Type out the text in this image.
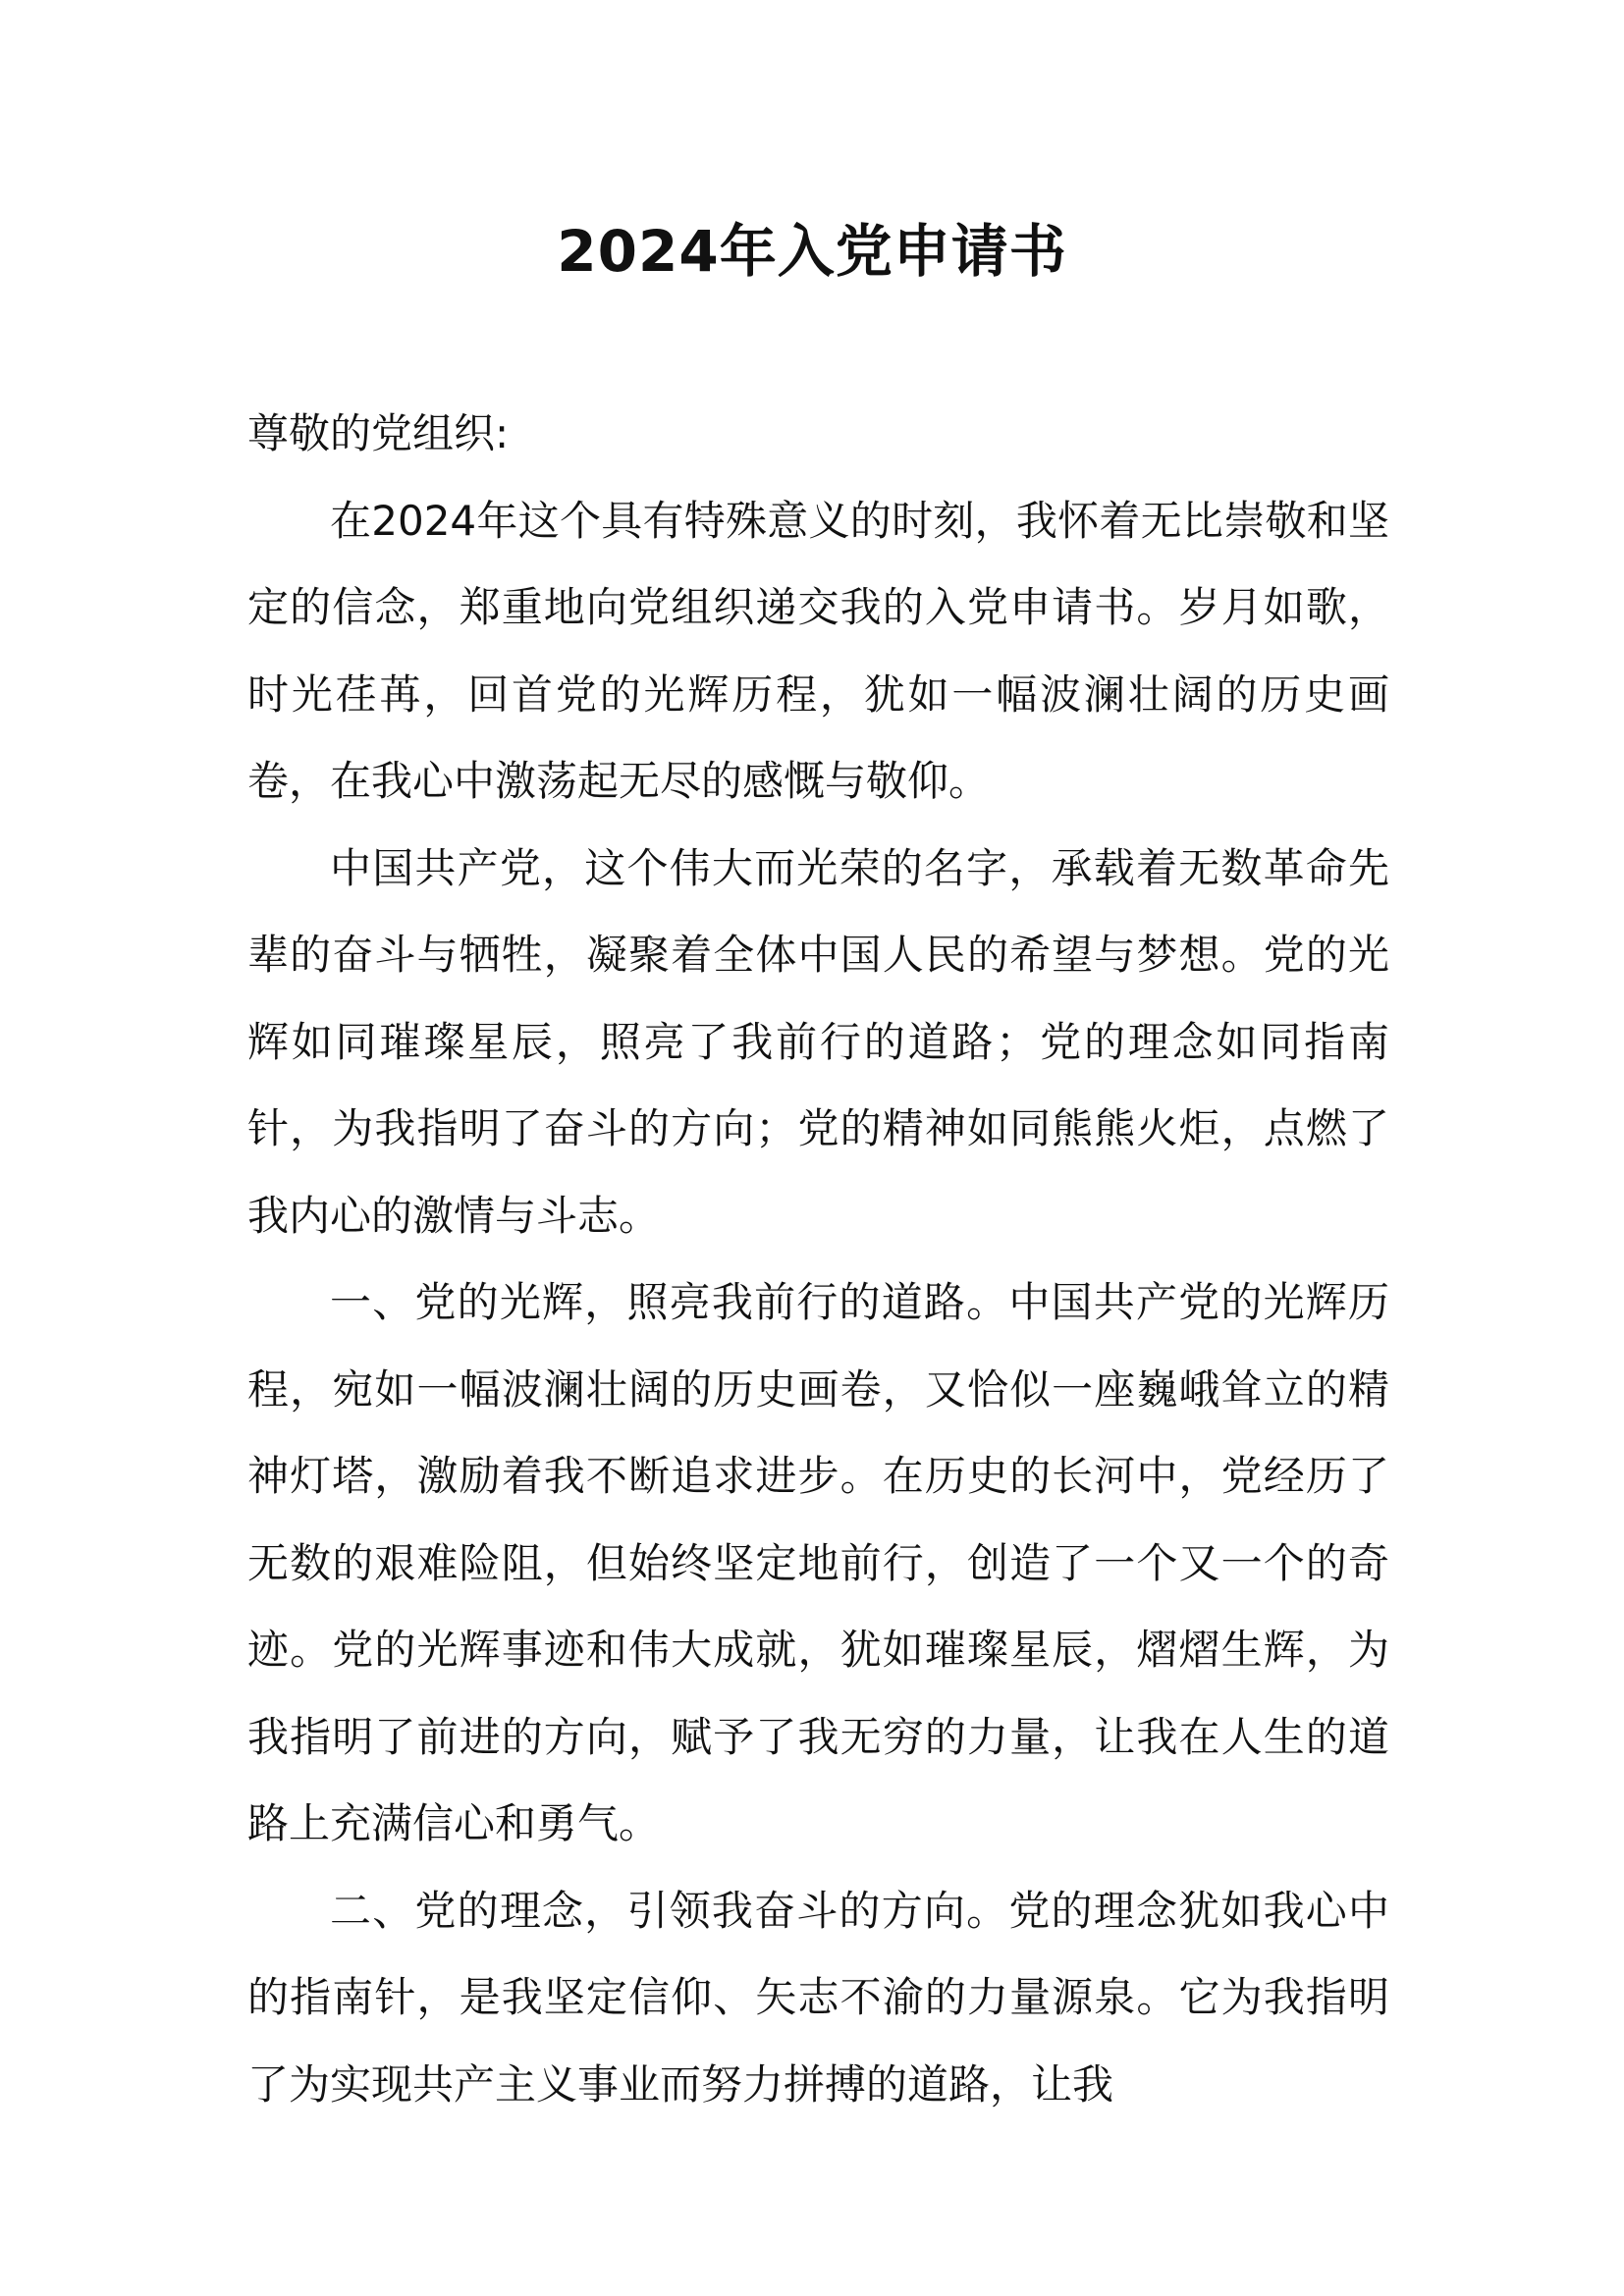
2024年入党申请书

尊敬的党组织:

在2024年这个具有特殊意义的时刻，我怀着无比崇敬和坚定的信念，郑重地向党组织递交我的入党申请书。岁月如歌，时光荏苒，回首党的光辉历程，犹如一幅波澜壮阔的历史画卷，在我心中激荡起无尽的感慨与敬仰。

中国共产党，这个伟大而光荣的名字，承载着无数革命先辈的奋斗与牺牲，凝聚着全体中国人民的希望与梦想。党的光辉如同璀璨星辰，照亮了我前行的道路；党的理念如同指南针，为我指明了奋斗的方向；党的精神如同熊熊火炬，点燃了我内心的激情与斗志。

一、党的光辉，照亮我前行的道路。中国共产党的光辉历程，宛如一幅波澜壮阔的历史画卷，又恰似一座巍峨耸立的精神灯塔，激励着我不断追求进步。在历史的长河中，党经历了无数的艰难险阻，但始终坚定地前行，创造了一个又一个的奇迹。党的光辉事迹和伟大成就，犹如璀璨星辰，熠熠生辉，为我指明了前进的方向，赋予了我无穷的力量，让我在人生的道路上充满信心和勇气。

二、党的理念，引领我奋斗的方向。党的理念犹如我心中的指南针，是我坚定信仰、矢志不渝的力量源泉。它为我指明了为实现共产主义事业而努力拼搏的道路，让我
